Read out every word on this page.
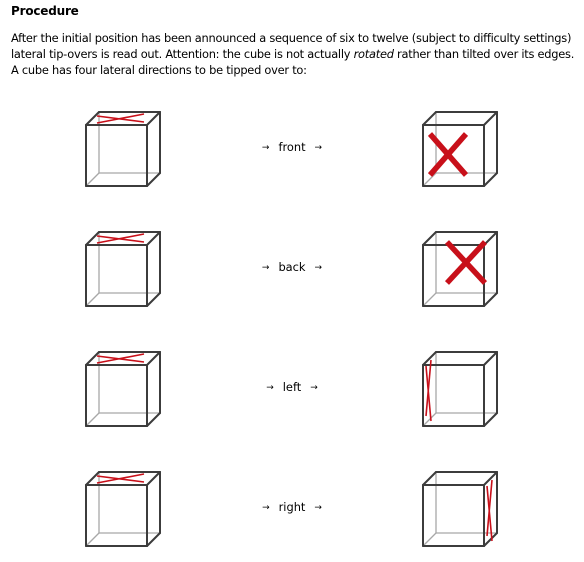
Procedure

After the initial position has been announced a sequence of six to twelve (subject to difficulty settings) lateral tip-overs is read out. Attention: the cube is not actually rotated rather than tilted over its edges. A cube has four lateral directions to be tipped over to:

→ front →
→ back →
→ left →
→ right →
